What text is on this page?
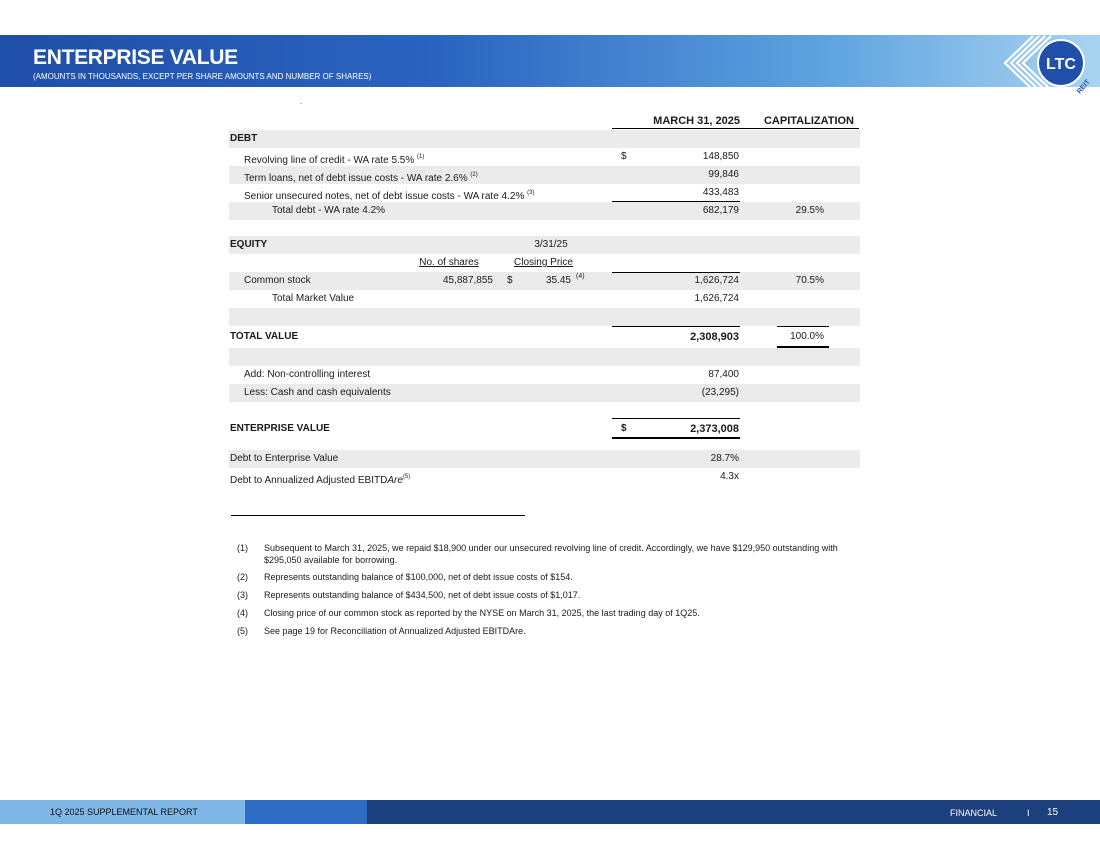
ENTERPRISE VALUE
(AMOUNTS IN THOUSANDS, EXCEPT PER SHARE AMOUNTS AND NUMBER OF SHARES)
LTC
REIT
.
MARCH 31, 2025 CAPITALIZATION
DEBT
Revolving line of credit - WA rate 5.5% $^{(1)}$	$	148,850
Term loans, net of debt issue costs - WA rate 2.6% $^{(2)}$	99,846
Senior unsecured notes, net of debt issue costs - WA rate 4.2% $^{(3)}$	433,483
Total debt - WA rate 4.2%	682,179	29.5%
EQUITY	3/31/25
No. of shares	Closing Price
Common stock	45,887,855 $	35.45 (4)	1,626,724	70.5%
Total Market Value	1,626,724
TOTAL VALUE	2,308,903	100.0%
Add: Non-controlling interest	87,400
Less: Cash and cash equivalents	(23,295)
ENTERPRISE VALUE	$	2,373,008
Debt to Enterprise Value	28.7%
Debt to Annualized Adjusted EBITDAre$^{(5)}$	4.3x
(1) Subsequent to March 31, 2025, we repaid $18,900 under our unsecured revolving line of credit. Accordingly, we have $129,950 outstanding with $295,050 available for borrowing.
(2) Represents outstanding balance of $100,000, net of debt issue costs of $154.
(3) Represents outstanding balance of $434,500, net of debt issue costs of $1,017.
(4) Closing price of our common stock as reported by the NYSE on March 31, 2025, the last trading day of 1Q25.
(5) See page 19 for Reconciliation of Annualized Adjusted EBITDAre.
1Q 2025 SUPPLEMENTAL REPORT	FINANCIAL	I 15
